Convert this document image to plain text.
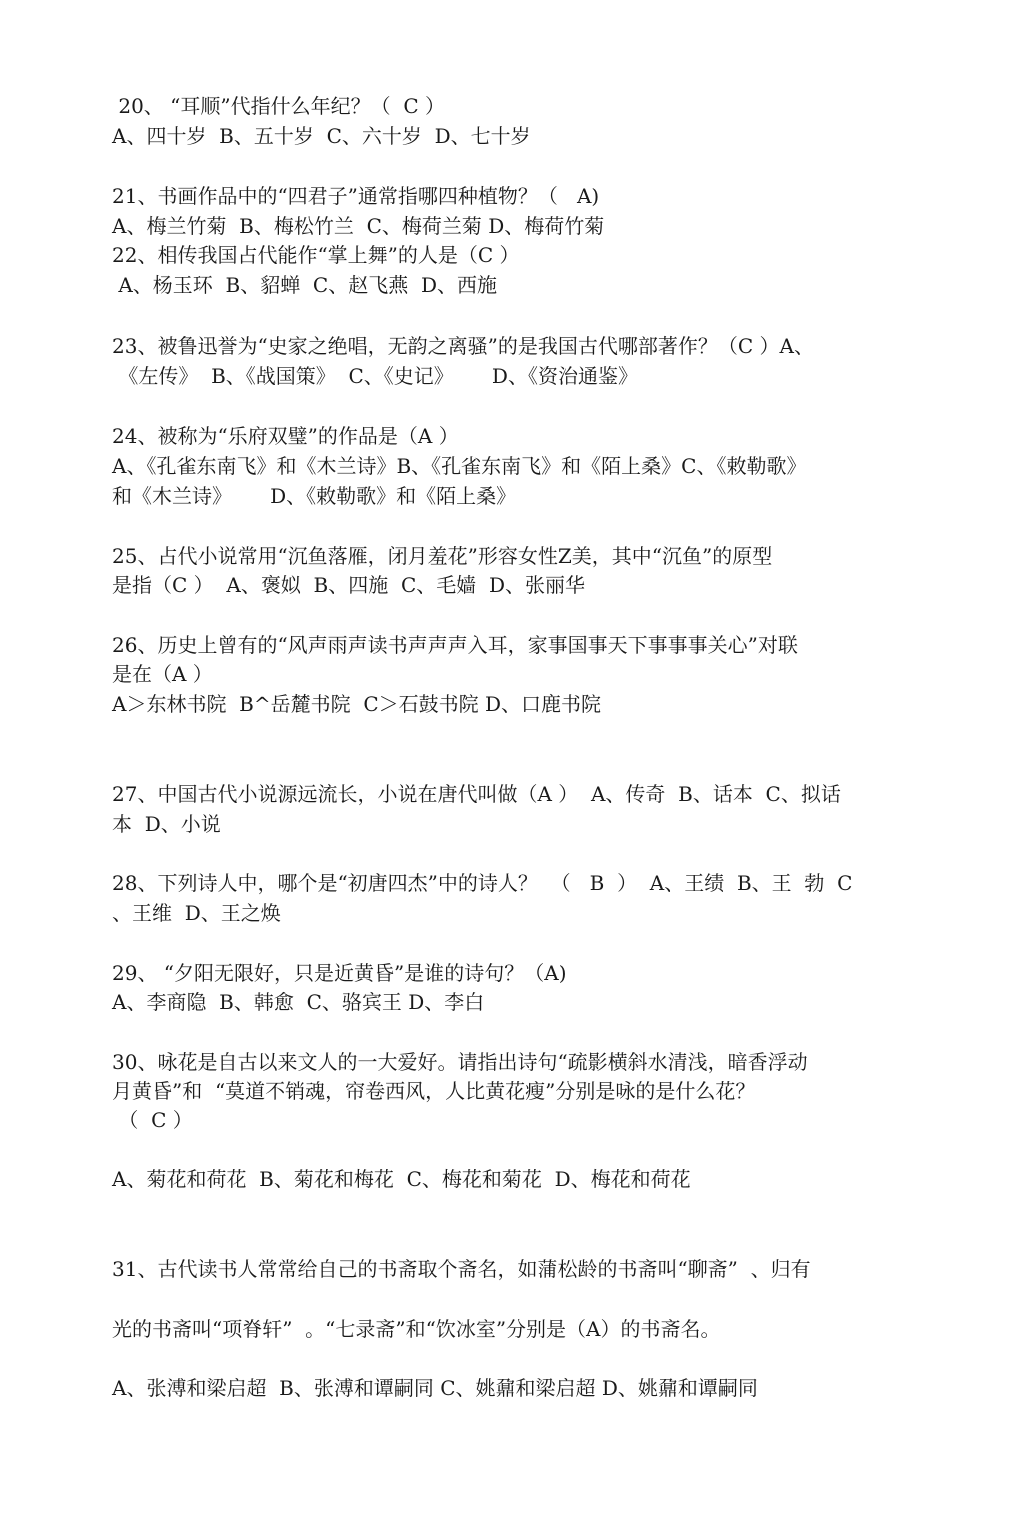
20、 “耳顺”代指什么年纪？（  C ）
A、四十岁  B、五十岁  C、六十岁  D、七十岁
21、书画作品中的“四君子”通常指哪四种植物？（   A)
A、梅兰竹菊  B、梅松竹兰  C、梅荷兰菊 D、梅荷竹菊
22、相传我国占代能作“掌上舞”的人是（C ）
A、杨玉环  B、貂蝉  C、赵飞燕  D、西施
23、被鲁迅誉为“史家之绝唱，无韵之离骚”的是我国古代哪部著作？（C ）A、
《左传》  B、《战国策》  C、《史记》      D、《资治通鉴》
24、被称为“乐府双璧”的作品是（A ）
A、《孔雀东南飞》和《木兰诗》B、《孔雀东南飞》和《陌上桑》C、《敕勒歌》
和《木兰诗》      D、《敕勒歌》和《陌上桑》
25、占代小说常用“沉鱼落雁，闭月羞花”形容女性Z美，其中“沉鱼”的原型
是指（C ）  A、褒姒  B、四施  C、毛嫱  D、张丽华
26、历史上曾有的“风声雨声读书声声声入耳，家事国事天下事事事关心”对联
是在（A ）
A＞东林书院  B^岳麓书院  C＞石鼓书院 D、口鹿书院
27、中国古代小说源远流长，小说在唐代叫做（A ）  A、传奇  B、话本  C、拟话
本  D、小说
28、下列诗人中，哪个是“初唐四杰”中的诗人？  （   B  ）  A、王绩  B、王  勃  C
、王维  D、王之焕
29、 “夕阳无限好，只是近黄昏”是谁的诗句？（A)
A、李商隐  B、韩愈  C、骆宾王 D、李白
30、咏花是自古以来文人的一大爱好。请指出诗句“疏影横斜水清浅，暗香浮动
月黄昏”和  “莫道不销魂，帘卷西风，人比黄花瘦”分别是咏的是什么花？
（  C ）
A、菊花和荷花  B、菊花和梅花  C、梅花和菊花  D、梅花和荷花
31、古代读书人常常给自己的书斋取个斋名，如蒲松龄的书斋叫“聊斋”  、归有
光的书斋叫“项脊轩”  。“七录斋”和“饮冰室”分别是（A）的书斋名。
A、张溥和梁启超  B、张溥和谭嗣同 C、姚鼐和梁启超 D、姚鼐和谭嗣同
